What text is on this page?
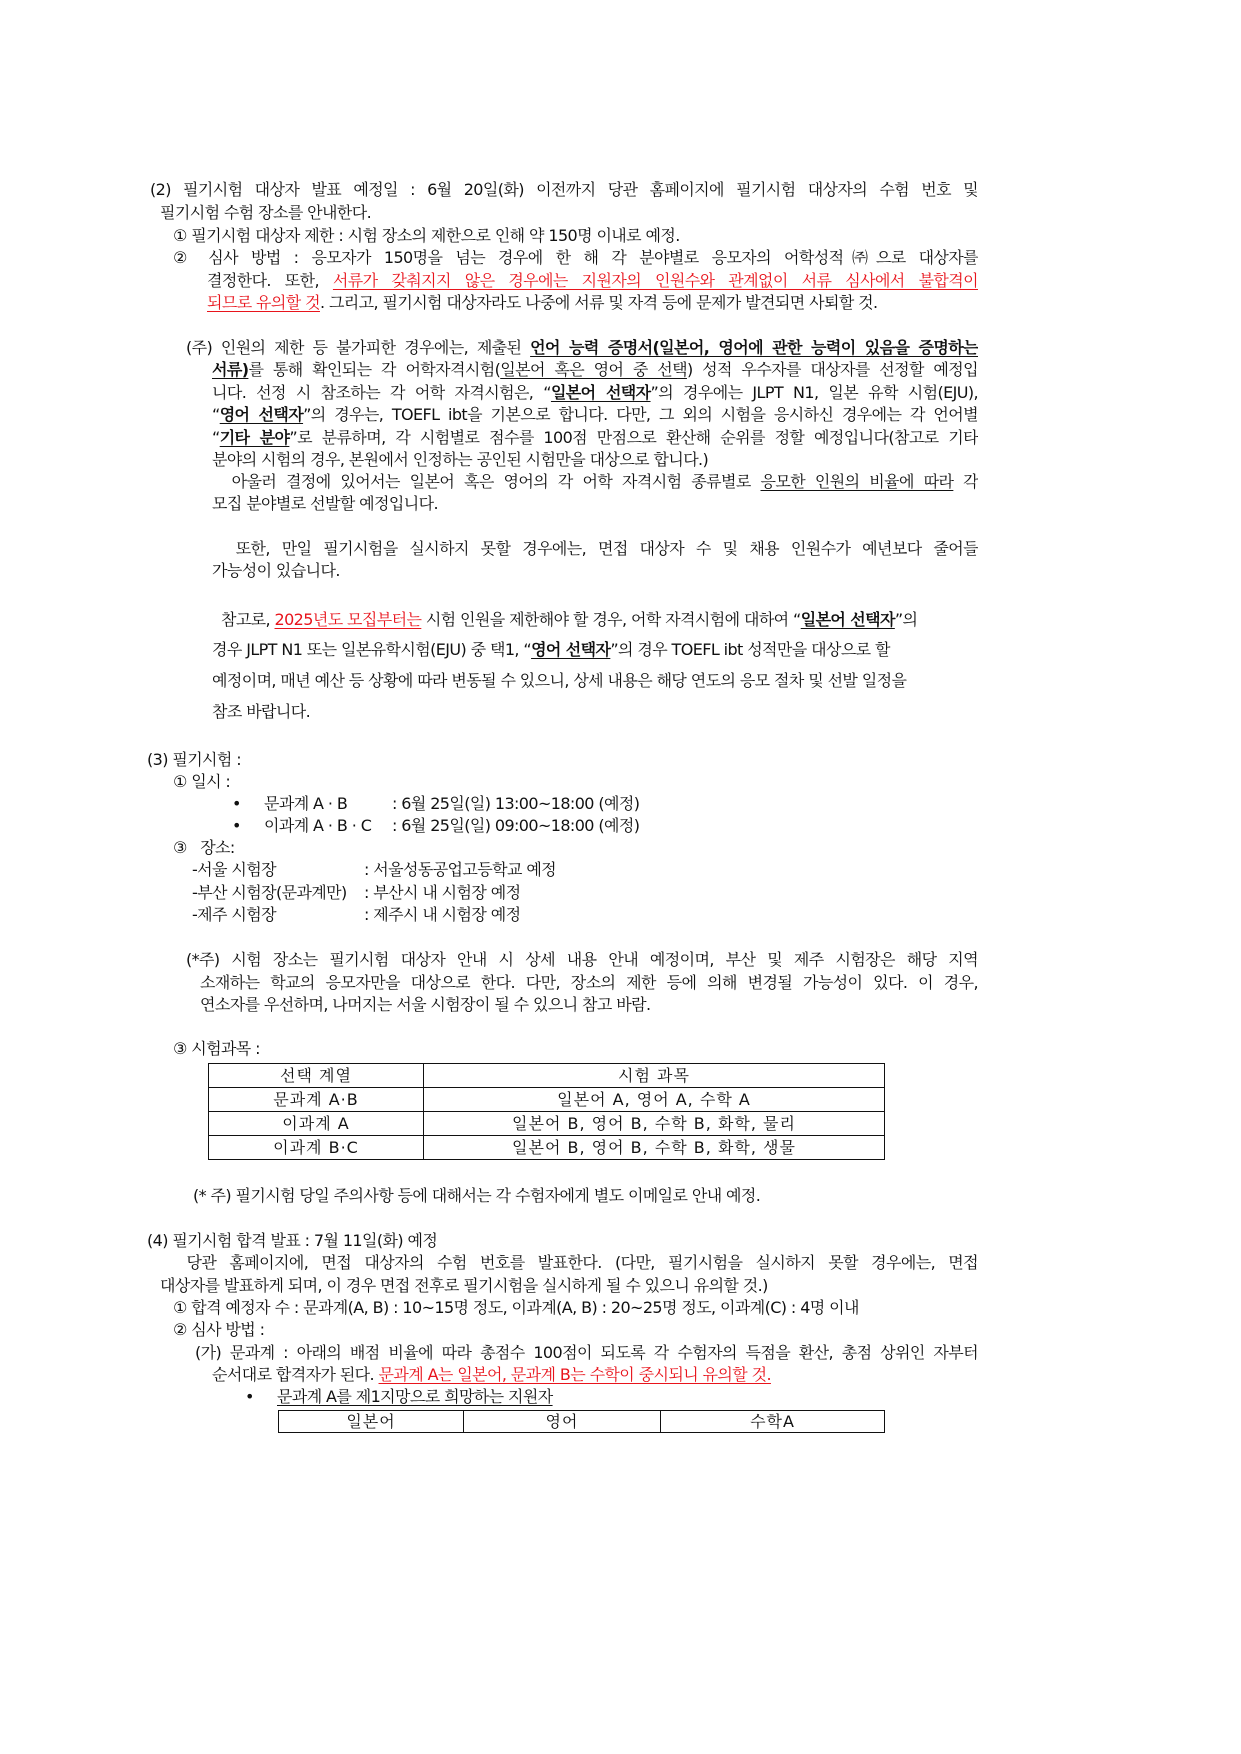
(2) 필기시험 대상자 발표 예정일 : 6월 20일(화) 이전까지 당관 홈페이지에 필기시험 대상자의 수험 번호 및
필기시험 수험 장소를 안내한다.
① 필기시험 대상자 제한 : 시험 장소의 제한으로 인해 약 150명 이내로 예정.
② 심사 방법 : 응모자가 150명을 넘는 경우에 한 해 각 분야별로 응모자의 어학성적㈜으로 대상자를
결정한다. 또한, 서류가 갖춰지지 않은 경우에는 지원자의 인원수와 관계없이 서류 심사에서 불합격이
되므로 유의할 것. 그리고, 필기시험 대상자라도 나중에 서류 및 자격 등에 문제가 발견되면 사퇴할 것.
(주) 인원의 제한 등 불가피한 경우에는, 제출된 언어 능력 증명서(일본어, 영어에 관한 능력이 있음을 증명하는
서류)를 통해 확인되는 각 어학자격시험(일본어 혹은 영어 중 선택) 성적 우수자를 대상자를 선정할 예정입
니다. 선정 시 참조하는 각 어학 자격시험은, “일본어 선택자”의 경우에는 JLPT N1, 일본 유학 시험(EJU),
“영어 선택자”의 경우는, TOEFL ibt을 기본으로 합니다. 다만, 그 외의 시험을 응시하신 경우에는 각 언어별
“기타 분야”로 분류하며, 각 시험별로 점수를 100점 만점으로 환산해 순위를 정할 예정입니다(참고로 기타
분야의 시험의 경우, 본원에서 인정하는 공인된 시험만을 대상으로 합니다.)
아울러 결정에 있어서는 일본어 혹은 영어의 각 어학 자격시험 종류별로 응모한 인원의 비율에 따라 각
모집 분야별로 선발할 예정입니다.
또한, 만일 필기시험을 실시하지 못할 경우에는, 면접 대상자 수 및 채용 인원수가 예년보다 줄어들
가능성이 있습니다.
참고로, 2025년도 모집부터는 시험 인원을 제한해야 할 경우, 어학 자격시험에 대하여 “일본어 선택자”의
경우 JLPT N1 또는 일본유학시험(EJU) 중 택1, “영어 선택자”의 경우 TOEFL ibt 성적만을 대상으로 할
예정이며, 매년 예산 등 상황에 따라 변동될 수 있으니, 상세 내용은 해당 연도의 응모 절차 및 선발 일정을
참조 바랍니다.
(3) 필기시험 :
① 일시 :
• 문과계 A · B	: 6월 25일(일) 13:00~18:00 (예정)
• 이과계 A · B · C : 6월 25일(일) 09:00~18:00 (예정)
③   장소:
-서울 시험장	: 서울성동공업고등학교 예정
-부산 시험장(문과계만) : 부산시 내 시험장 예정
-제주 시험장	: 제주시 내 시험장 예정
(*주) 시험 장소는 필기시험 대상자 안내 시 상세 내용 안내 예정이며, 부산 및 제주 시험장은 해당 지역
소재하는 학교의 응모자만을 대상으로 한다. 다만, 장소의 제한 등에 의해 변경될 가능성이 있다. 이 경우,
연소자를 우선하며, 나머지는 서울 시험장이 될 수 있으니 참고 바람.
③ 시험과목 :
선택 계열	시험 과목
문과계 A·B	일본어 A, 영어 A, 수학 A
이과계 A	일본어 B, 영어 B, 수학 B, 화학, 물리
이과계 B·C	일본어 B, 영어 B, 수학 B, 화학, 생물
(* 주) 필기시험 당일 주의사항 등에 대해서는 각 수험자에게 별도 이메일로 안내 예정.
(4) 필기시험 합격 발표 : 7월 11일(화) 예정
당관 홈페이지에, 면접 대상자의 수험 번호를 발표한다. (다만, 필기시험을 실시하지 못할 경우에는, 면접
대상자를 발표하게 되며, 이 경우 면접 전후로 필기시험을 실시하게 될 수 있으니 유의할 것.)
① 합격 예정자 수 : 문과계(A, B) : 10~15명 정도, 이과계(A, B) : 20~25명 정도, 이과계(C) : 4명 이내
② 심사 방법 :
(가) 문과계 : 아래의 배점 비율에 따라 총점수 100점이 되도록 각 수험자의 득점을 환산, 총점 상위인 자부터
순서대로 합격자가 된다. 문과계 A는 일본어, 문과계 B는 수학이 중시되니 유의할 것.
• 문과계 A를 제1지망으로 희망하는 지원자
일본어	영어	수학A
